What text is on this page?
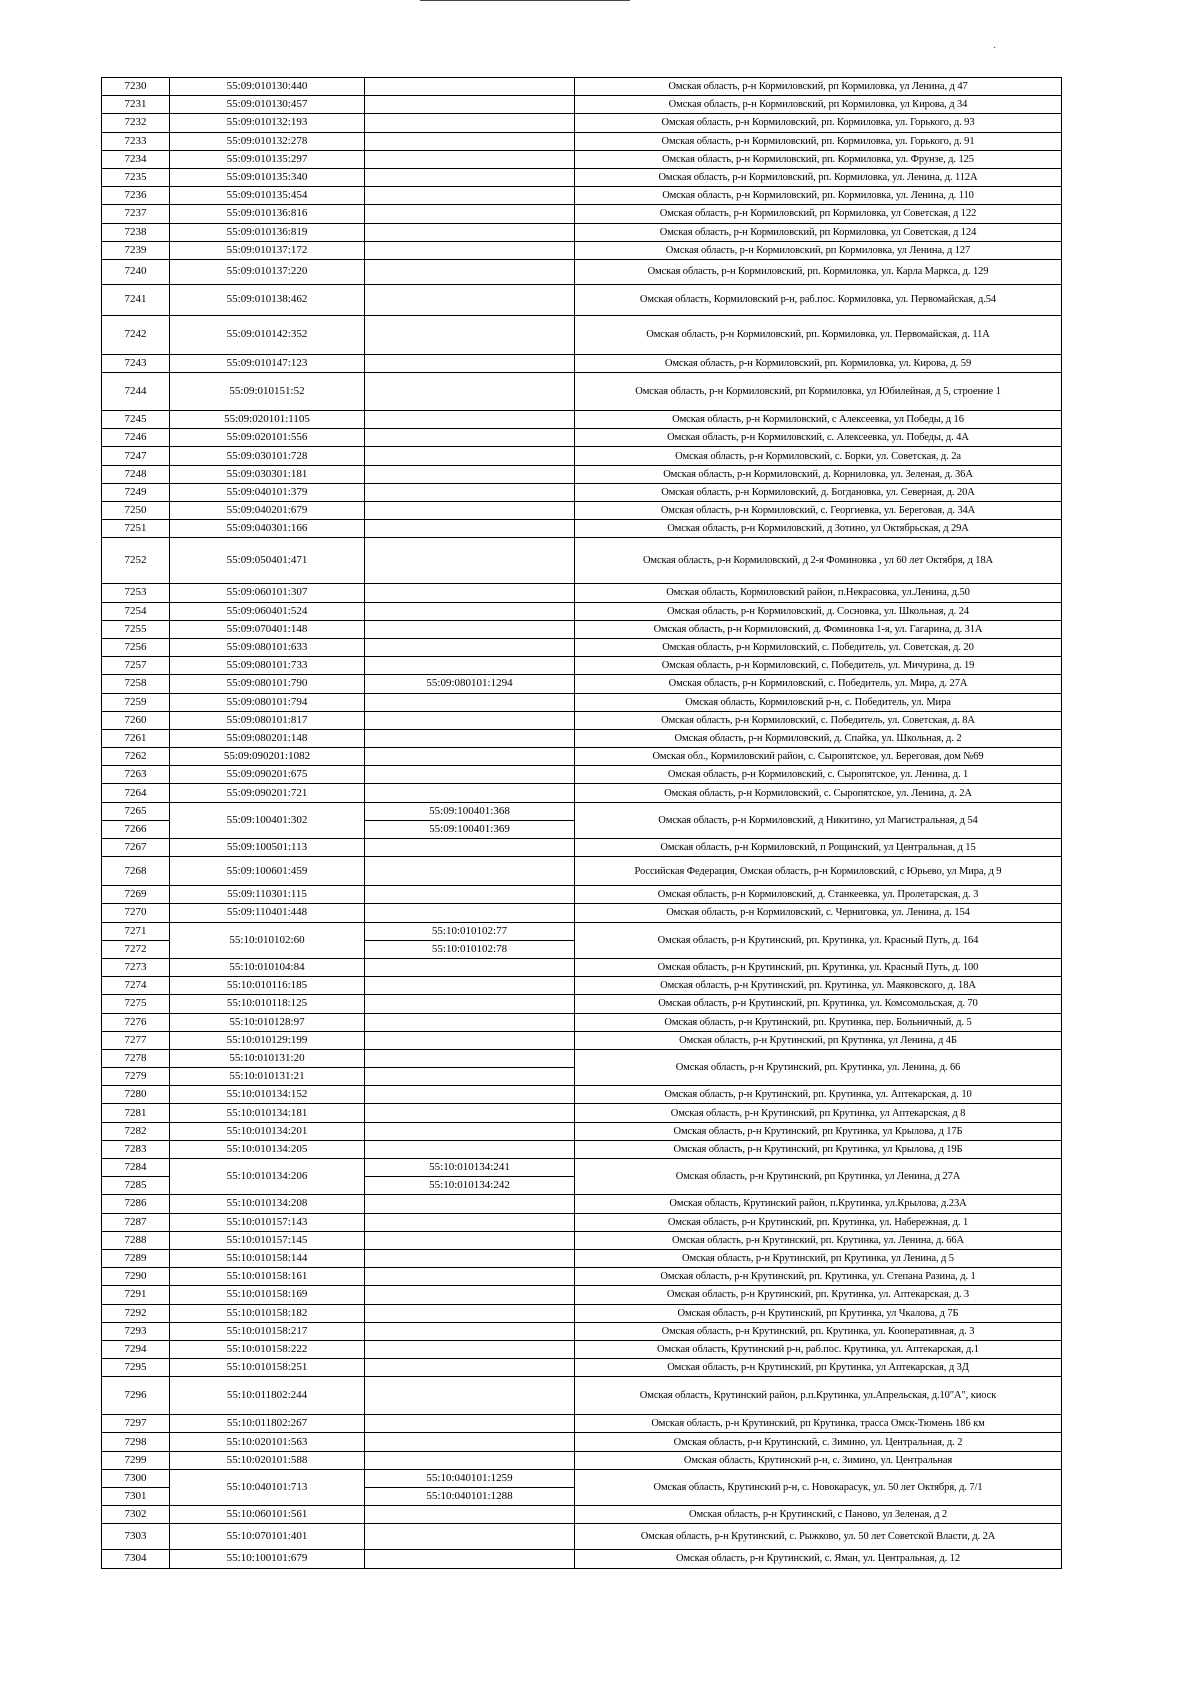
·
7230	55:09:010130:440		Омская область, р-н Кормиловский, рп Кормиловка, ул Ленина, д 47
7231	55:09:010130:457		Омская область, р-н Кормиловский, рп Кормиловка, ул Кирова, д 34
7232	55:09:010132:193		Омская область, р-н Кормиловский, рп. Кормиловка, ул. Горького, д. 93
7233	55:09:010132:278		Омская область, р-н Кормиловский, рп. Кормиловка, ул. Горького, д. 91
7234	55:09:010135:297		Омская область, р-н Кормиловский, рп. Кормиловка, ул. Фрунзе, д. 125
7235	55:09:010135:340		Омская область, р-н Кормиловский, рп. Кормиловка, ул. Ленина, д. 112А
7236	55:09:010135:454		Омская область, р-н Кормиловский, рп. Кормиловка, ул. Ленина, д. 110
7237	55:09:010136:816		Омская область, р-н Кормиловский, рп Кормиловка, ул Советская, д 122
7238	55:09:010136:819		Омская область, р-н Кормиловский, рп Кормиловка, ул Советская, д 124
7239	55:09:010137:172		Омская область, р-н Кормиловский, рп Кормиловка, ул Ленина, д 127
7240	55:09:010137:220		Омская область, р-н Кормиловский, рп. Кормиловка, ул. Карла Маркса, д. 129
7241	55:09:010138:462		Омская область, Кормиловский р-н, раб.пос. Кормиловка, ул. Первомайская, д.54
7242	55:09:010142:352		Омская область, р-н Кормиловский, рп. Кормиловка, ул. Первомайская, д. 11А
7243	55:09:010147:123		Омская область, р-н Кормиловский, рп. Кормиловка, ул. Кирова, д. 59
7244	55:09:010151:52		Омская область, р-н Кормиловский, рп Кормиловка, ул Юбилейная, д 5, строение 1
7245	55:09:020101:1105		Омская область, р-н Кормиловский, с Алексеевка, ул Победы, д 16
7246	55:09:020101:556		Омская область, р-н Кормиловский, с. Алексеевка, ул. Победы, д. 4А
7247	55:09:030101:728		Омская область, р-н Кормиловский, с. Борки, ул. Советская, д. 2а
7248	55:09:030301:181		Омская область, р-н Кормиловский, д. Корниловка, ул. Зеленая, д. 36А
7249	55:09:040101:379		Омская область, р-н Кормиловский, д. Богдановка, ул. Северная, д. 20А
7250	55:09:040201:679		Омская область, р-н Кормиловский, с. Георгиевка, ул. Береговая, д. 34А
7251	55:09:040301:166		Омская область, р-н Кормиловский, д Зотино, ул Октябрьская, д 29А
7252	55:09:050401:471		Омская область, р-н Кормиловский, д 2-я Фоминовка , ул 60 лет Октября, д 18А
7253	55:09:060101:307		Омская область, Кормиловский район, п.Некрасовка, ул.Ленина, д.50
7254	55:09:060401:524		Омская область, р-н Кормиловский, д. Сосновка, ул. Школьная, д. 24
7255	55:09:070401:148		Омская область, р-н Кормиловский, д. Фоминовка 1-я, ул. Гагарина, д. 31А
7256	55:09:080101:633		Омская область, р-н Кормиловский, с. Победитель, ул. Советская, д. 20
7257	55:09:080101:733		Омская область, р-н Кормиловский, с. Победитель, ул. Мичурина, д. 19
7258	55:09:080101:790	55:09:080101:1294	Омская область, р-н Кормиловский, с. Победитель, ул. Мира, д. 27А
7259	55:09:080101:794		Омская область, Кормиловский р-н, с. Победитель, ул. Мира
7260	55:09:080101:817		Омская область, р-н Кормиловский, с. Победитель, ул. Советская, д. 8А
7261	55:09:080201:148		Омская область, р-н Кормиловский, д. Спайка, ул. Школьная, д. 2
7262	55:09:090201:1082		Омская обл., Кормиловский район, с. Сыропятское, ул. Береговая, дом №69
7263	55:09:090201:675		Омская область, р-н Кормиловский, с. Сыропятское, ул. Ленина, д. 1
7264	55:09:090201:721		Омская область, р-н Кормиловский, с. Сыропятское, ул. Ленина, д. 2А
7265	55:09:100401:302	55:09:100401:368	Омская область, р-н Кормиловский, д Никитино, ул Магистральная, д 54
7266		55:09:100401:369	
7267	55:09:100501:113		Омская область, р-н Кормиловский, п Рощинский, ул Центральная, д 15
7268	55:09:100601:459		Российская Федерация, Омская область, р-н Кормиловский, с Юрьево, ул Мира, д 9
7269	55:09:110301:115		Омская область, р-н Кормиловский, д. Станкеевка, ул. Пролетарская, д. 3
7270	55:09:110401:448		Омская область, р-н Кормиловский, с. Черниговка, ул. Ленина, д. 154
7271	55:10:010102:60	55:10:010102:77	Омская область, р-н Крутинский, рп. Крутинка, ул. Красный Путь, д. 164
7272		55:10:010102:78	
7273	55:10:010104:84		Омская область, р-н Крутинский, рп. Крутинка, ул. Красный Путь, д. 100
7274	55:10:010116:185		Омская область, р-н Крутинский, рп. Крутинка, ул. Маяковского, д. 18А
7275	55:10:010118:125		Омская область, р-н Крутинский, рп. Крутинка, ул. Комсомольская, д. 70
7276	55:10:010128:97		Омская область, р-н Крутинский, рп. Крутинка, пер. Больничный, д. 5
7277	55:10:010129:199		Омская область, р-н Крутинский, рп Крутинка, ул Ленина, д 4Б
7278	55:10:010131:20		Омская область, р-н Крутинский, рп. Крутинка, ул. Ленина, д. 66
7279	55:10:010131:21		
7280	55:10:010134:152		Омская область, р-н Крутинский, рп. Крутинка, ул. Аптекарская, д. 10
7281	55:10:010134:181		Омская область, р-н Крутинский, рп Крутинка, ул Аптекарская, д 8
7282	55:10:010134:201		Омская область, р-н Крутинский, рп Крутинка, ул Крылова, д 17Б
7283	55:10:010134:205		Омская область, р-н Крутинский, рп Крутинка, ул Крылова, д 19Б
7284	55:10:010134:206	55:10:010134:241	Омская область, р-н Крутинский, рп Крутинка, ул Ленина, д 27А
7285		55:10:010134:242	
7286	55:10:010134:208		Омская область, Крутинский район, п.Крутинка, ул.Крылова, д.23А
7287	55:10:010157:143		Омская область, р-н Крутинский, рп. Крутинка, ул. Набережная, д. 1
7288	55:10:010157:145		Омская область, р-н Крутинский, рп. Крутинка, ул. Ленина, д. 66А
7289	55:10:010158:144		Омская область, р-н Крутинский, рп Крутинка, ул Ленина, д 5
7290	55:10:010158:161		Омская область, р-н Крутинский, рп. Крутинка, ул. Степана Разина, д. 1
7291	55:10:010158:169		Омская область, р-н Крутинский, рп. Крутинка, ул. Аптекарская, д. 3
7292	55:10:010158:182		Омская область, р-н Крутинский, рп Крутинка, ул Чкалова, д 7Б
7293	55:10:010158:217		Омская область, р-н Крутинский, рп. Крутинка, ул. Кооперативная, д. 3
7294	55:10:010158:222		Омская область, Крутинский р-н, раб.пос. Крутинка, ул. Аптекарская, д.1
7295	55:10:010158:251		Омская область, р-н Крутинский, рп Крутинка, ул Аптекарская, д 3Д
7296	55:10:011802:244		Омская область, Крутинский район, р.п.Крутинка, ул.Апрельская, д.10"А", киоск
7297	55:10:011802:267		Омская область, р-н Крутинский, рп Крутинка, трасса Омск-Тюмень 186 км
7298	55:10:020101:563		Омская область, р-н Крутинский, с. Зимино, ул. Центральная, д. 2
7299	55:10:020101:588		Омская область, Крутинский р-н, с. Зимино, ул. Центральная
7300	55:10:040101:713	55:10:040101:1259	Омская область, Крутинский р-н, с. Новокарасук, ул. 50 лет Октября, д. 7/1
7301		55:10:040101:1288	
7302	55:10:060101:561		Омская область, р-н Крутинский, с Паново, ул Зеленая, д 2
7303	55:10:070101:401		Омская область, р-н Крутинский, с. Рыжково, ул. 50 лет Советской Власти, д. 2А
7304	55:10:100101:679		Омская область, р-н Крутинский, с. Яман, ул. Центральная, д. 12
